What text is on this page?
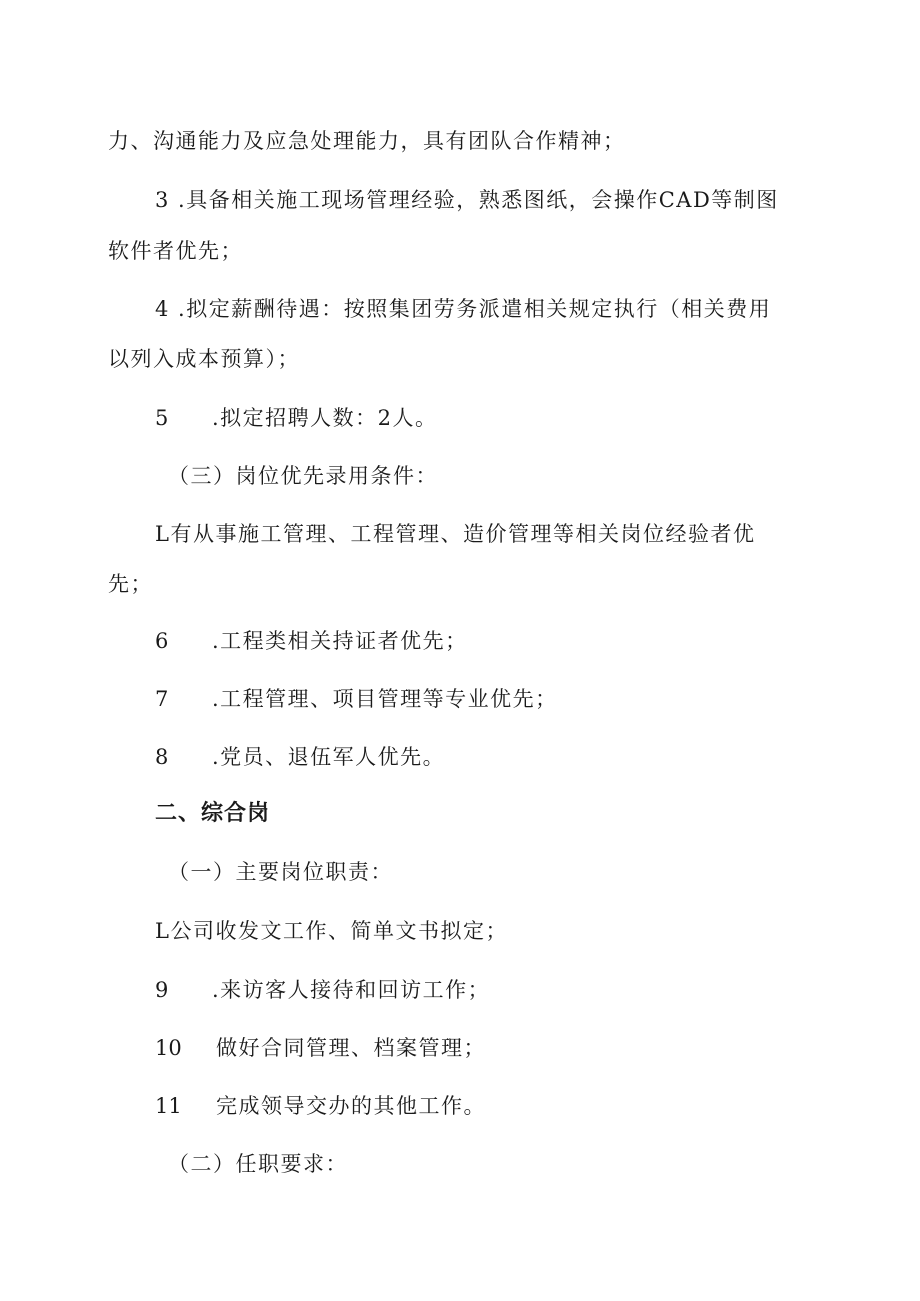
力、沟通能力及应急处理能力，具有团队合作精神；
3 .具备相关施工现场管理经验，熟悉图纸，会操作CAD等制图
软件者优先；
4 .拟定薪酬待遇：按照集团劳务派遣相关规定执行（相关费用
以列入成本预算）；
5 .拟定招聘人数：2人。
（三）岗位优先录用条件：
L有从事施工管理、工程管理、造价管理等相关岗位经验者优
先；
6 .工程类相关持证者优先；
7 .工程管理、项目管理等专业优先；
8 .党员、退伍军人优先。
二、综合岗
（一）主要岗位职责：
L公司收发文工作、简单文书拟定；
9 .来访客人接待和回访工作；
10 做好合同管理、档案管理；
11 完成领导交办的其他工作。
（二）任职要求：
